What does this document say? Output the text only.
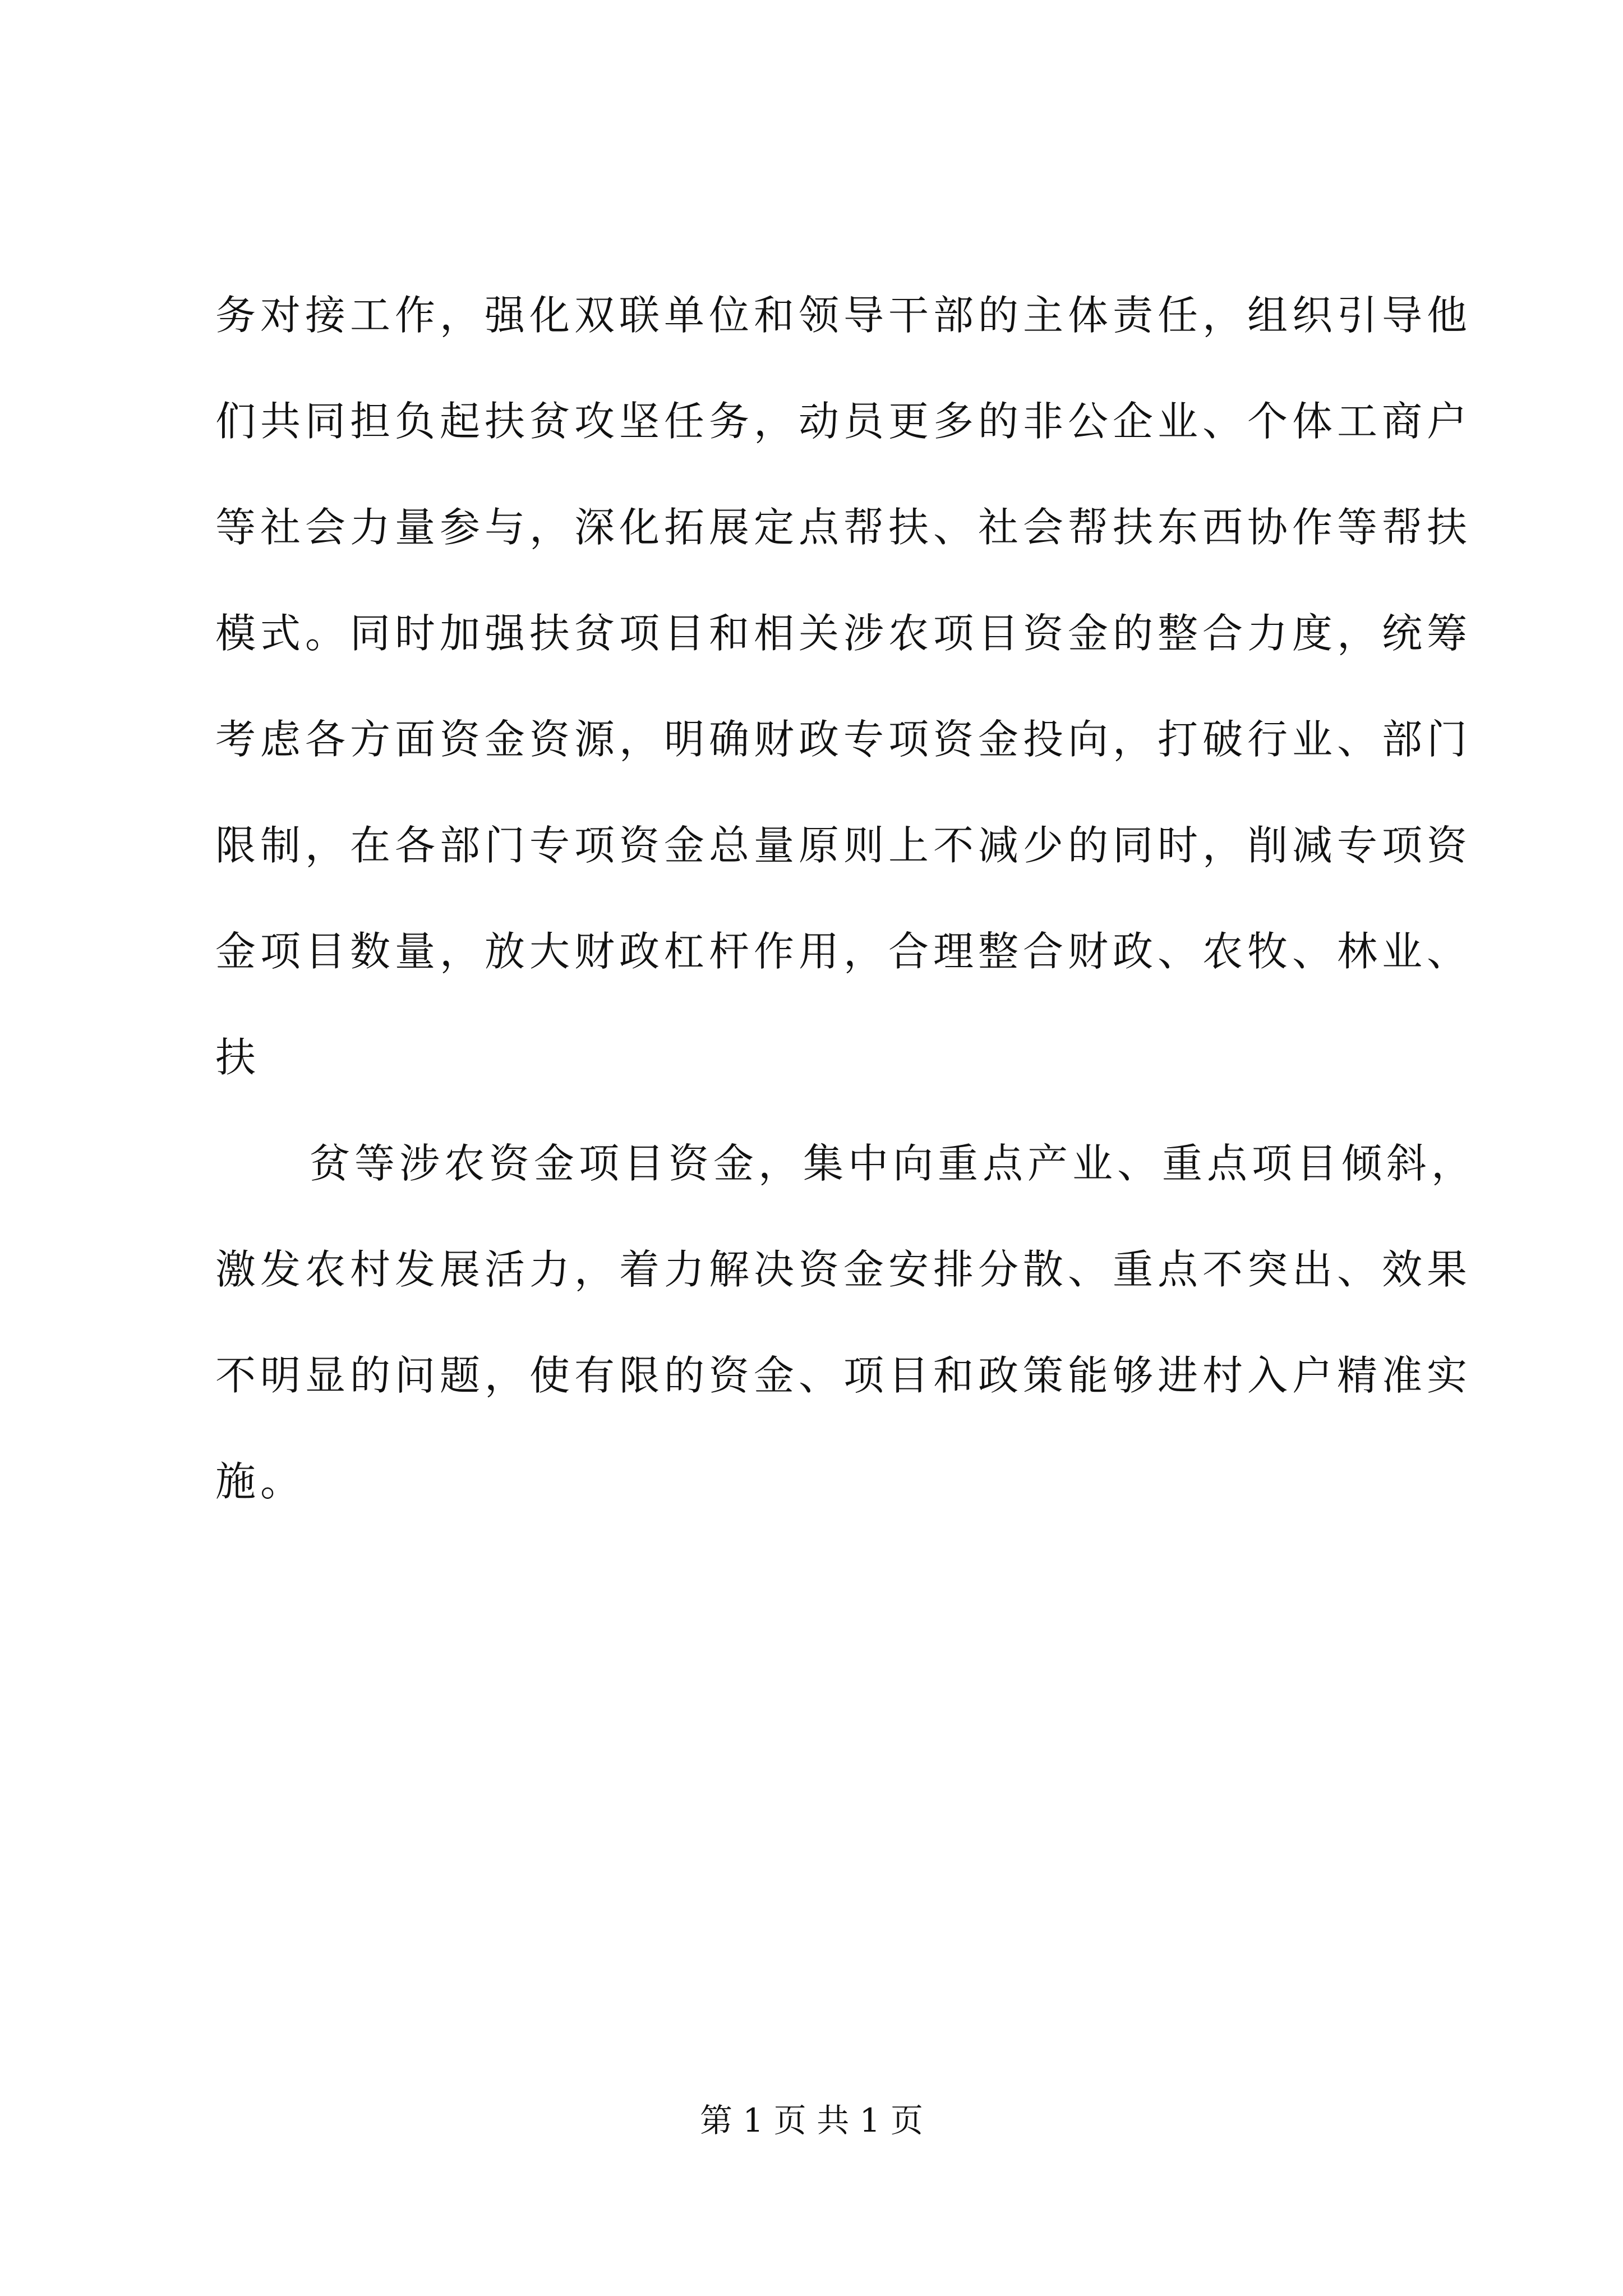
务对接工作，强化双联单位和领导干部的主体责任，组织引导他
们共同担负起扶贫攻坚任务，动员更多的非公企业、个体工商户
等社会力量参与，深化拓展定点帮扶、社会帮扶东西协作等帮扶
模式。同时加强扶贫项目和相关涉农项目资金的整合力度，统筹
考虑各方面资金资源，明确财政专项资金投向，打破行业、部门
限制，在各部门专项资金总量原则上不减少的同时，削减专项资
金项目数量，放大财政杠杆作用，合理整合财政、农牧、林业、
扶
贫等涉农资金项目资金，集中向重点产业、重点项目倾斜，
激发农村发展活力，着力解决资金安排分散、重点不突出、效果
不明显的问题，使有限的资金、项目和政策能够进村入户精准实
施。
第 1 页 共 1 页
